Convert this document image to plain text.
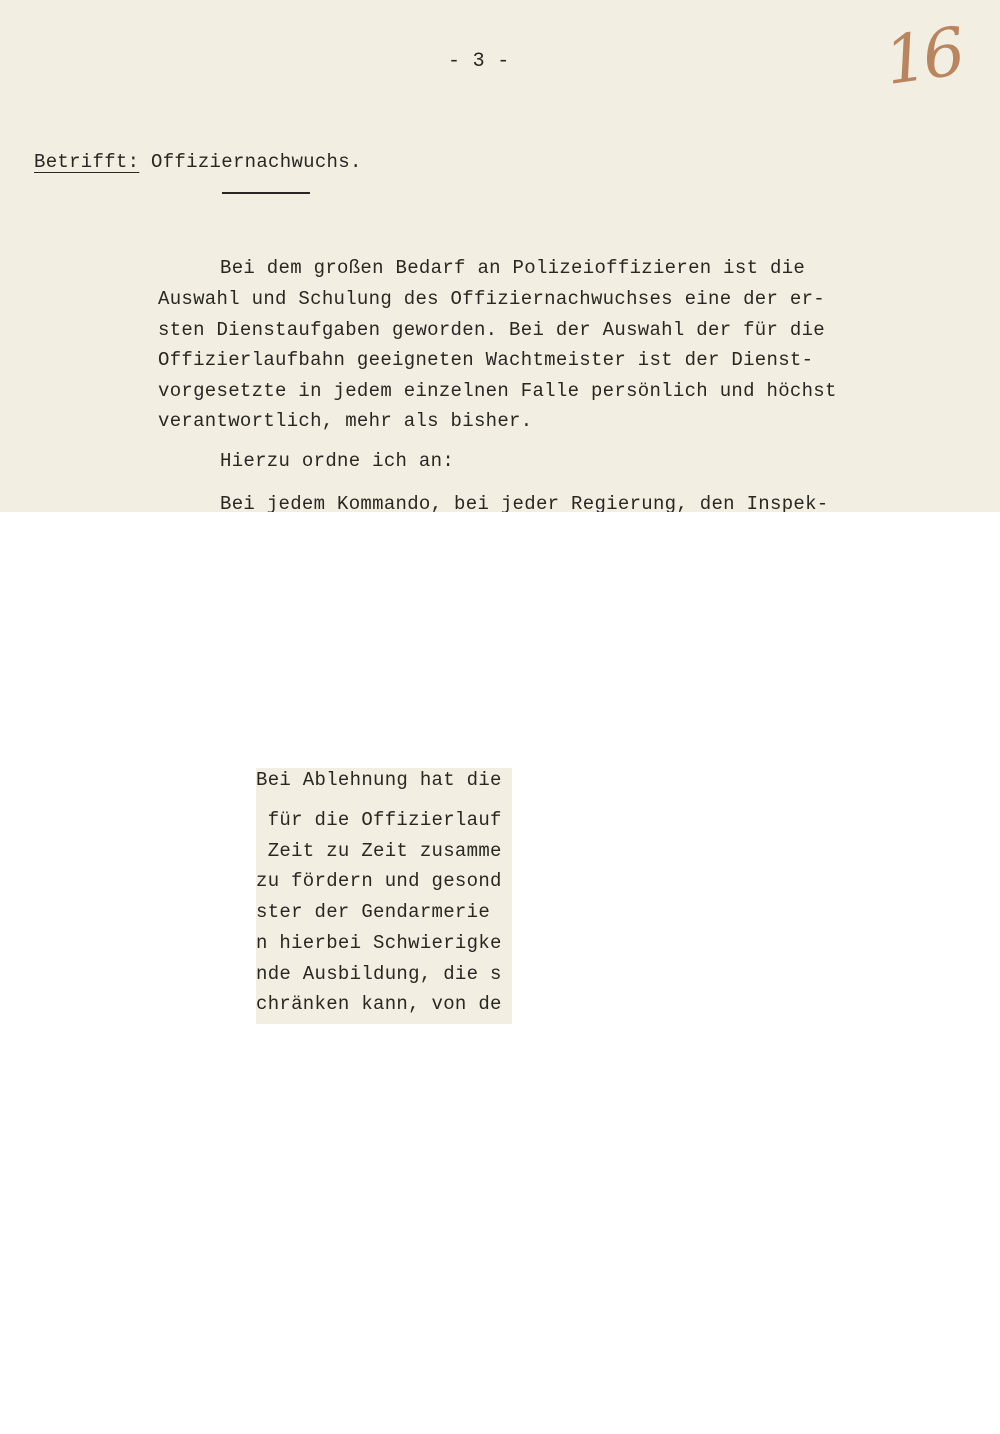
- 3 -	16
Betrifft: Offiziernachwuchs.
Bei dem großen Bedarf an Polizeioffizieren ist die
Auswahl und Schulung des Offiziernachwuchses eine der er-
sten Dienstaufgaben geworden. Bei der Auswahl der für die
Offizierlaufbahn geeigneten Wachtmeister ist der Dienst-
vorgesetzte in jedem einzelnen Falle persönlich und höchst
verantwortlich, mehr als bisher.
Hierzu ordne ich an:
Bei jedem Kommando, bei jeder Regierung, den Inspek-
Bei Ablehnung hat die
für die Offizierlauf
Zeit zu Zeit zusamme
zu fördern und gesond
ster der Gendarmerie
n hierbei Schwierigke
nde Ausbildung, die s
chränken kann, von de
